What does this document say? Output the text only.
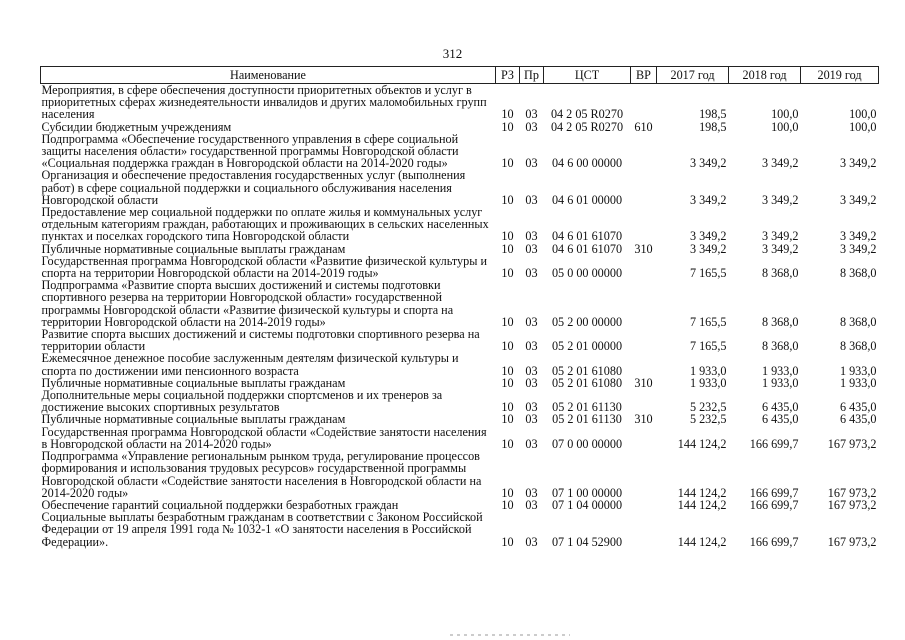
312
Наименование	РЗ	Пр	ЦСТ	ВР	2017 год	2018 год	2019 год
Мероприятия, в сфере обеспечения доступности приоритетных объектов и услуг в приоритетных сферах жизнедеятельности инвалидов и других маломобильных групп населения	10	03	04 2 05 R0270		198,5	100,0	100,0
Субсидии бюджетным учреждениям	10	03	04 2 05 R0270	610	198,5	100,0	100,0
Подпрограмма «Обеспечение государственного управления в сфере социальной защиты населения области» государственной программы Новгородской области «Социальная поддержка граждан в Новгородской области на 2014-2020 годы»	10	03	04 6 00 00000		3 349,2	3 349,2	3 349,2
Организация и обеспечение предоставления государственных услуг (выполнения работ) в сфере социальной поддержки и социального обслуживания населения Новгородской области	10	03	04 6 01 00000		3 349,2	3 349,2	3 349,2
Предоставление мер социальной поддержки по оплате жилья и коммунальных услуг отдельным категориям граждан, работающих и проживающих в сельских населенных пунктах и поселках городского типа Новгородской области	10	03	04 6 01 61070		3 349,2	3 349,2	3 349,2
Публичные нормативные социальные выплаты гражданам	10	03	04 6 01 61070	310	3 349,2	3 349,2	3 349,2
Государственная программа Новгородской области «Развитие физической культуры и спорта на территории Новгородской области на 2014-2019 годы»	10	03	05 0 00 00000		7 165,5	8 368,0	8 368,0
Подпрограмма «Развитие спорта высших достижений и системы подготовки спортивного резерва на территории Новгородской области» государственной программы Новгородской области «Развитие физической культуры и спорта на территории Новгородской области на 2014-2019 годы»	10	03	05 2 00 00000		7 165,5	8 368,0	8 368,0
Развитие спорта высших достижений и системы подготовки спортивного резерва на территории области	10	03	05 2 01 00000		7 165,5	8 368,0	8 368,0
Ежемесячное денежное пособие заслуженным деятелям физической культуры и спорта по достижении ими пенсионного возраста	10	03	05 2 01 61080		1 933,0	1 933,0	1 933,0
Публичные нормативные социальные выплаты гражданам	10	03	05 2 01 61080	310	1 933,0	1 933,0	1 933,0
Дополнительные меры социальной поддержки спортсменов и их тренеров за достижение высоких спортивных результатов	10	03	05 2 01 61130		5 232,5	6 435,0	6 435,0
Публичные нормативные социальные выплаты гражданам	10	03	05 2 01 61130	310	5 232,5	6 435,0	6 435,0
Государственная программа Новгородской области «Содействие занятости населения в Новгородской области на 2014-2020 годы»	10	03	07 0 00 00000		144 124,2	166 699,7	167 973,2
Подпрограмма «Управление региональным рынком труда, регулирование процессов формирования и использования трудовых ресурсов» государственной программы Новгородской области «Содействие занятости населения в Новгородской области на 2014-2020 годы»	10	03	07 1 00 00000		144 124,2	166 699,7	167 973,2
Обеспечение гарантий социальной поддержки безработных граждан	10	03	07 1 04 00000		144 124,2	166 699,7	167 973,2
Социальные выплаты безработным гражданам в соответствии с Законом Российской Федерации от 19 апреля 1991 года № 1032-1 «О занятости населения в Российской Федерации».	10	03	07 1 04 52900		144 124,2	166 699,7	167 973,2
